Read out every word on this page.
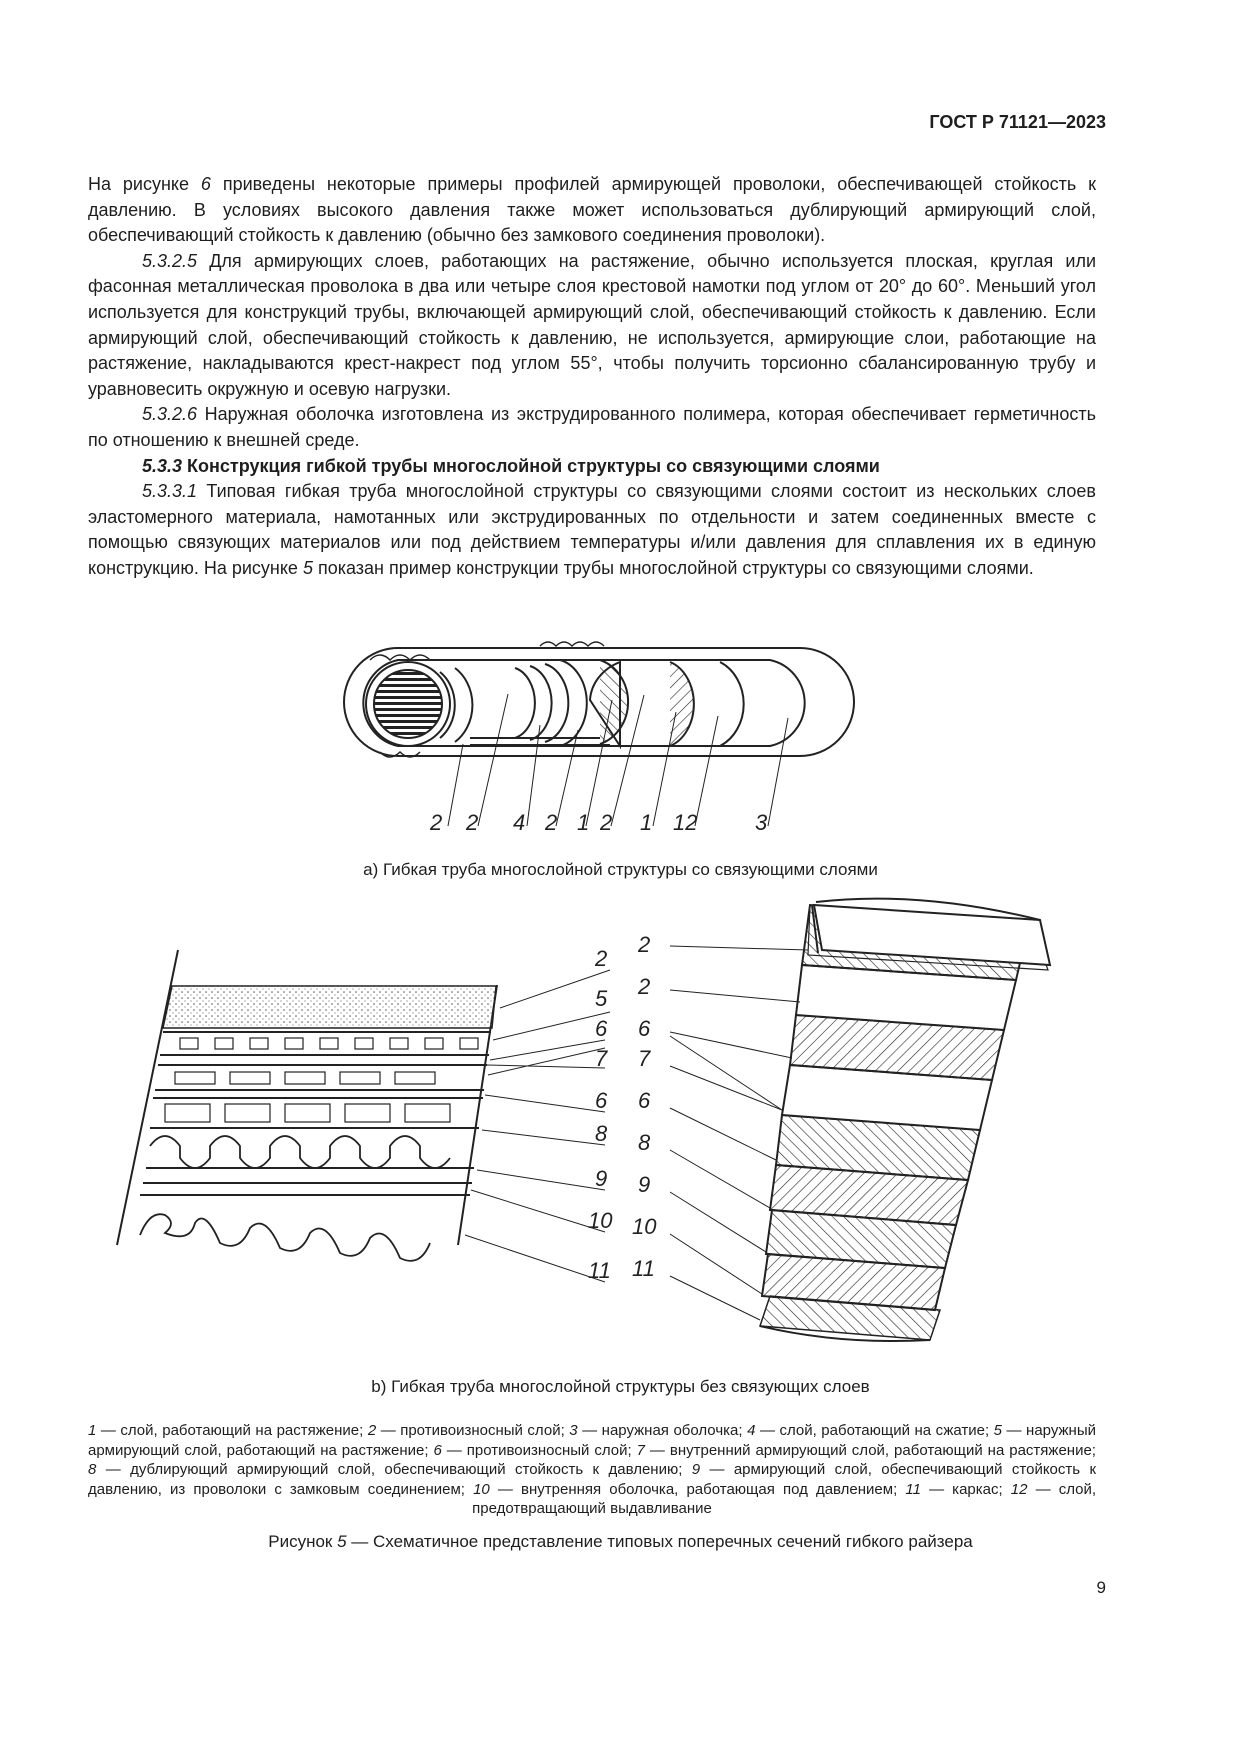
ГОСТ Р 71121—2023

На рисунке 6 приведены некоторые примеры профилей армирующей проволоки, обеспечивающей стойкость к давлению. В условиях высокого давления также может использоваться дублирующий армирующий слой, обеспечивающий стойкость к давлению (обычно без замкового соединения проволоки).

5.3.2.5 Для армирующих слоев, работающих на растяжение, обычно используется плоская, круглая или фасонная металлическая проволока в два или четыре слоя крестовой намотки под углом от 20° до 60°. Меньший угол используется для конструкций трубы, включающей армирующий слой, обеспечивающий стойкость к давлению. Если армирующий слой, обеспечивающий стойкость к давлению, не используется, армирующие слои, работающие на растяжение, накладываются крест-накрест под углом 55°, чтобы получить торсионно сбалансированную трубу и уравновесить окружную и осевую нагрузки.

5.3.2.6 Наружная оболочка изготовлена из экструдированного полимера, которая обеспечивает герметичность по отношению к внешней среде.

5.3.3 Конструкция гибкой трубы многослойной структуры со связующими слоями

5.3.3.1 Типовая гибкая труба многослойной структуры со связующими слоями состоит из нескольких слоев эластомерного материала, намотанных или экструдированных по отдельности и затем соединенных вместе с помощью связующих материалов или под действием температуры и/или давления для сплавления их в единую конструкцию. На рисунке 5 показан пример конструкции трубы многослойной структуры со связующими слоями.

2 2 4 2 1 2 1 12	3
2
5
6
7
6
8
9
10
11
2
2
6
7
6
8
9
10
11
а) Гибкая труба многослойной структуры со связующими слоями
b) Гибкая труба многослойной структуры без связующих слоев
1 — слой, работающий на растяжение; 2 — противоизносный слой; 3 — наружная оболочка; 4 — слой, работающий на сжатие; 5 — наружный армирующий слой, работающий на растяжение; 6 — противоизносный слой; 7 — внутренний армирующий слой, работающий на растяжение; 8 — дублирующий армирующий слой, обеспечивающий стойкость к давлению; 9 — армирующий слой, обеспечивающий стойкость к давлению, из проволоки с замковым соединением; 10 — внутренняя оболочка, работающая под давлением; 11 — каркас; 12 — слой, предотвращающий выдавливание
Рисунок 5 — Схематичное представление типовых поперечных сечений гибкого райзера
9
